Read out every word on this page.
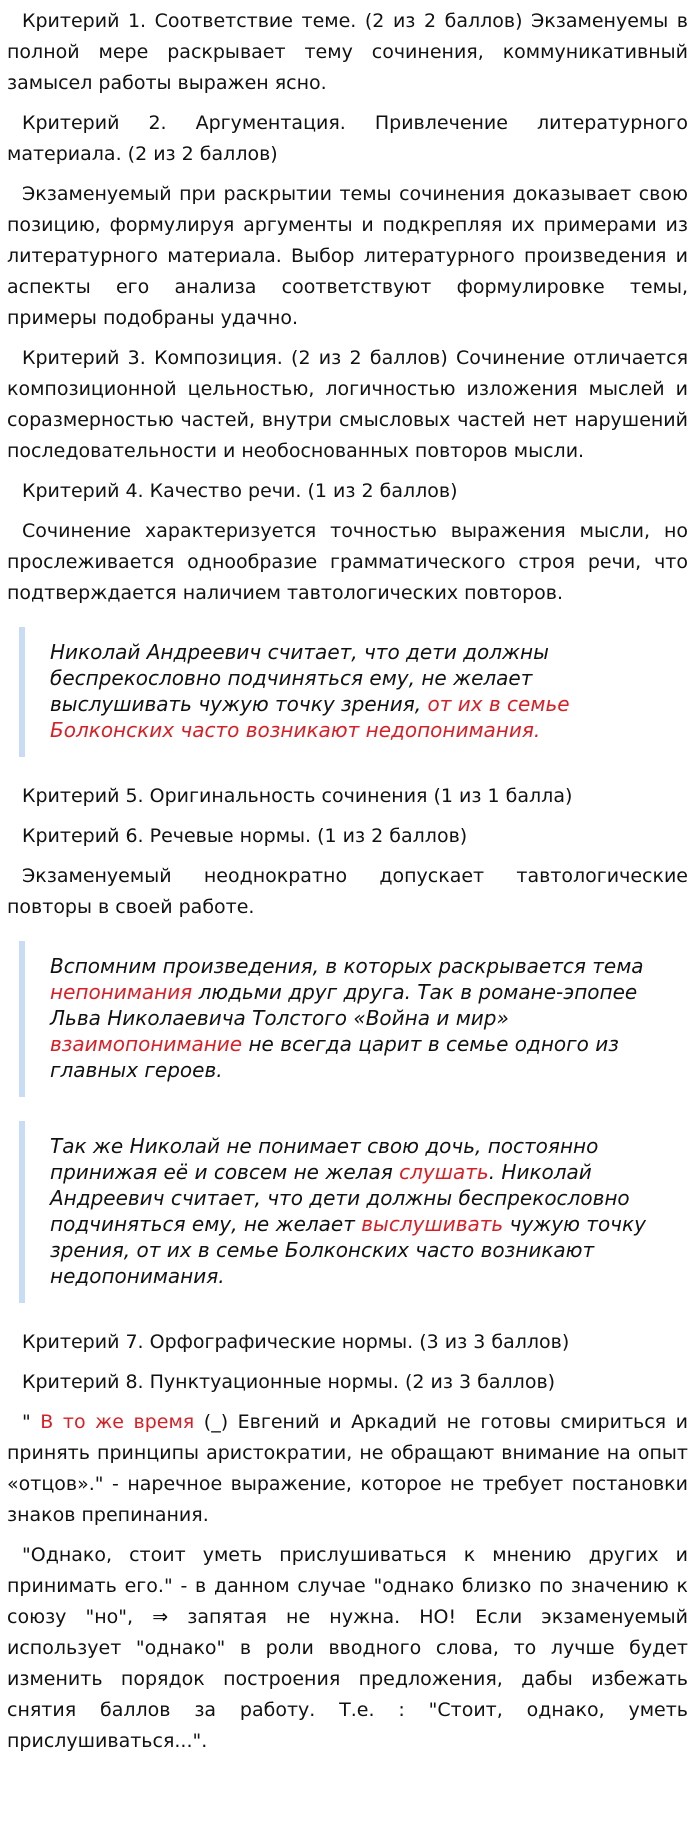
Критерий 1. Соответствие теме. (2 из 2 баллов) Экзаменуемы в полной мере раскрывает тему сочинения, коммуникативный замысел работы выражен ясно.

Критерий 2. Аргументация. Привлечение литературного материала. (2 из 2 баллов)

Экзаменуемый при раскрытии темы сочинения доказывает свою позицию, формулируя аргументы и подкрепляя их примерами из литературного материала. Выбор литературного произведения и аспекты его анализа соответствуют формулировке темы, примеры подобраны удачно.

Критерий 3. Композиция. (2 из 2 баллов) Сочинение отличается композиционной цельностью, логичностью изложения мыслей и соразмерностью частей, внутри смысловых частей нет нарушений последовательности и необоснованных повторов мысли.

Критерий 4. Качество речи. (1 из 2 баллов)

Сочинение характеризуется точностью выражения мысли, но прослеживается однообразие грамматического строя речи, что подтверждается наличием тавтологических повторов.

Николай Андреевич считает, что дети должны беспрекословно подчиняться ему, не желает выслушивать чужую точку зрения, от их в семье Болконских часто возникают недопонимания.

Критерий 5. Оригинальность сочинения (1 из 1 балла)

Критерий 6. Речевые нормы. (1 из 2 баллов)

Экзаменуемый неоднократно допускает тавтологические повторы в своей работе.

Вспомним произведения, в которых раскрывается тема непонимания людьми друг друга. Так в романе-эпопее Льва Николаевича Толстого «Война и мир» взаимопонимание не всегда царит в семье одного из главных героев.
Так же Николай не понимает свою дочь, постоянно принижая её и совсем не желая слушать. Николай Андреевич считает, что дети должны беспрекословно подчиняться ему, не желает выслушивать чужую точку зрения, от их в семье Болконских часто возникают недопонимания.

Критерий 7. Орфографические нормы. (3 из 3 баллов)

Критерий 8. Пунктуационные нормы. (2 из 3 баллов)

" В то же время (_) Евгений и Аркадий не готовы смириться и принять принципы аристократии, не обращают внимание на опыт «отцов»." - наречное выражение, которое не требует постановки знаков препинания.

"Однако, стоит уметь прислушиваться к мнению других и принимать его." - в данном случае "однако близко по значению к союзу "но", ⇒ запятая не нужна. НО! Если экзаменуемый использует "однако" в роли вводного слова, то лучше будет изменить порядок построения предложения, дабы избежать снятия баллов за работу. Т.е. : "Стоит, однако, уметь прислушиваться...".
